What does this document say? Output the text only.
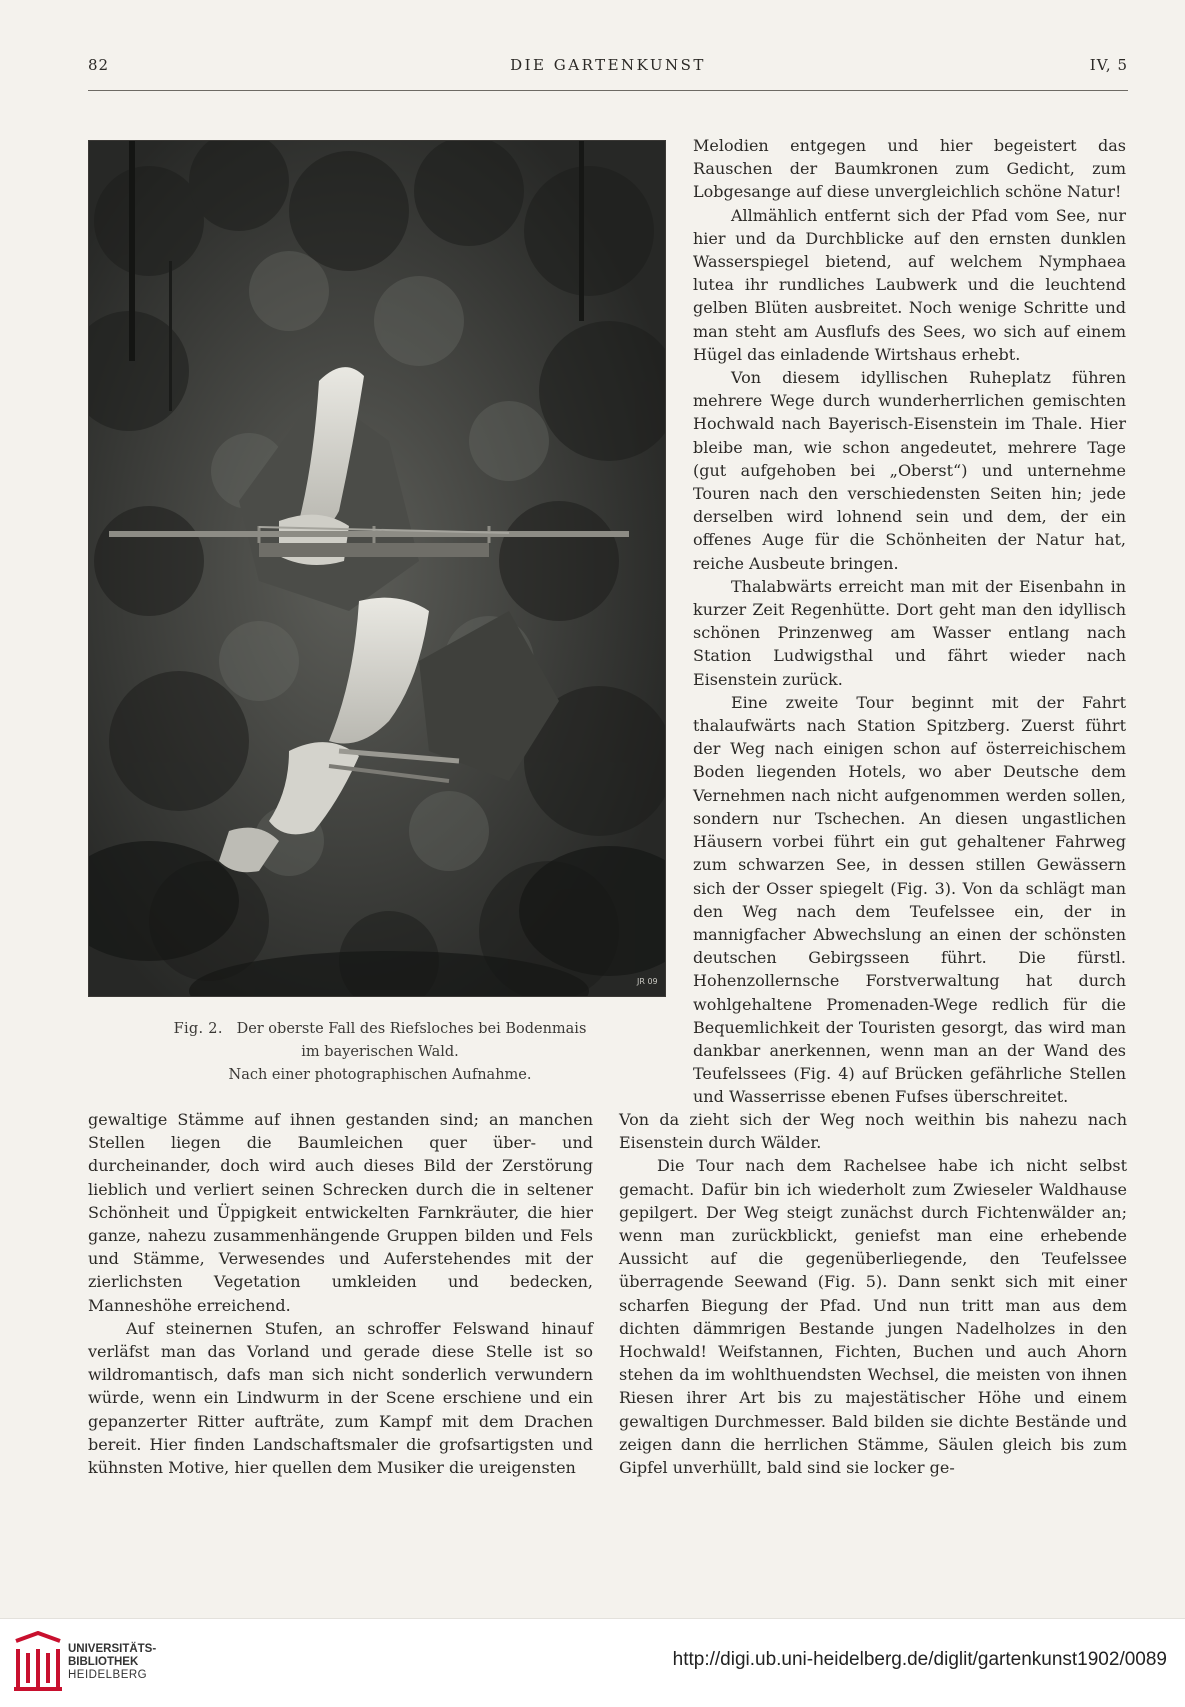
82	DIE GARTENKUNST	IV, 5
JR 09

Fig. 2. Der oberste Fall des Riefsloches bei Bodenmais

im bayerischen Wald.

Nach einer photographischen Aufnahme.

Melodien entgegen und hier begeistert das Rauschen der Baumkronen zum Gedicht, zum Lobgesange auf diese unvergleichlich schöne Natur!

Allmählich entfernt sich der Pfad vom See, nur hier und da Durchblicke auf den ernsten dunklen Wasserspiegel bietend, auf welchem Nymphaea lutea ihr rundliches Laubwerk und die leuchtend gelben Blüten ausbreitet. Noch wenige Schritte und man steht am Ausflufs des Sees, wo sich auf einem Hügel das einladende Wirtshaus erhebt.

Von diesem idyllischen Ruheplatz führen mehrere Wege durch wunderherrlichen gemischten Hochwald nach Bayerisch-Eisenstein im Thale. Hier bleibe man, wie schon angedeutet, mehrere Tage (gut aufgehoben bei „Oberst“) und unternehme Touren nach den verschiedensten Seiten hin; jede derselben wird lohnend sein und dem, der ein offenes Auge für die Schönheiten der Natur hat, reiche Ausbeute bringen.

Thalabwärts erreicht man mit der Eisenbahn in kurzer Zeit Regenhütte. Dort geht man den idyllisch schönen Prinzenweg am Wasser entlang nach Station Ludwigsthal und fährt wieder nach Eisenstein zurück.

Eine zweite Tour beginnt mit der Fahrt thalaufwärts nach Station Spitzberg. Zuerst führt der Weg nach einigen schon auf österreichischem Boden liegenden Hotels, wo aber Deutsche dem Vernehmen nach nicht aufgenommen werden sollen, sondern nur Tschechen. An diesen ungastlichen Häusern vorbei führt ein gut gehaltener Fahrweg zum schwarzen See, in dessen stillen Gewässern sich der Osser spiegelt (Fig. 3). Von da schlägt man den Weg nach dem Teufelssee ein, der in mannigfacher Abwechslung an einen der schönsten deutschen Gebirgsseen führt. Die fürstl. Hohenzollernsche Forstverwaltung hat durch wohlgehaltene Promenaden-Wege redlich für die Bequemlichkeit der Touristen gesorgt, das wird man dankbar anerkennen, wenn man an der Wand des Teufelssees (Fig. 4) auf Brücken gefährliche Stellen und Wasserrisse ebenen Fufses überschreitet.

gewaltige Stämme auf ihnen gestanden sind; an manchen Stellen liegen die Baumleichen quer über- und durcheinander, doch wird auch dieses Bild der Zerstörung lieblich und verliert seinen Schrecken durch die in seltener Schönheit und Üppigkeit entwickelten Farnkräuter, die hier ganze, nahezu zusammenhängende Gruppen bilden und Fels und Stämme, Verwesendes und Auferstehendes mit der zierlichsten Vegetation umkleiden und bedecken, Manneshöhe erreichend.

Auf steinernen Stufen, an schroffer Felswand hinauf verläfst man das Vorland und gerade diese Stelle ist so wildromantisch, dafs man sich nicht sonderlich verwundern würde, wenn ein Lindwurm in der Scene erschiene und ein gepanzerter Ritter aufträte, zum Kampf mit dem Drachen bereit. Hier finden Landschaftsmaler die grofsartigsten und kühnsten Motive, hier quellen dem Musiker die ureigensten

Von da zieht sich der Weg noch weithin bis nahezu nach Eisenstein durch Wälder.

Die Tour nach dem Rachelsee habe ich nicht selbst gemacht. Dafür bin ich wiederholt zum Zwieseler Waldhause gepilgert. Der Weg steigt zunächst durch Fichtenwälder an; wenn man zurückblickt, geniefst man eine erhebende Aussicht auf die gegenüberliegende, den Teufelssee überragende Seewand (Fig. 5). Dann senkt sich mit einer scharfen Biegung der Pfad. Und nun tritt man aus dem dichten dämmrigen Bestande jungen Nadelholzes in den Hochwald! Weifstannen, Fichten, Buchen und auch Ahorn stehen da im wohlthuendsten Wechsel, die meisten von ihnen Riesen ihrer Art bis zu majestätischer Höhe und einem gewaltigen Durchmesser. Bald bilden sie dichte Bestände und zeigen dann die herrlichen Stämme, Säulen gleich bis zum Gipfel unverhüllt, bald sind sie locker ge-

UNIVERSITÄTS-
BIBLIOTHEK
HEIDELBERG
http://digi.ub.uni-heidelberg.de/diglit/gartenkunst1902/0089
